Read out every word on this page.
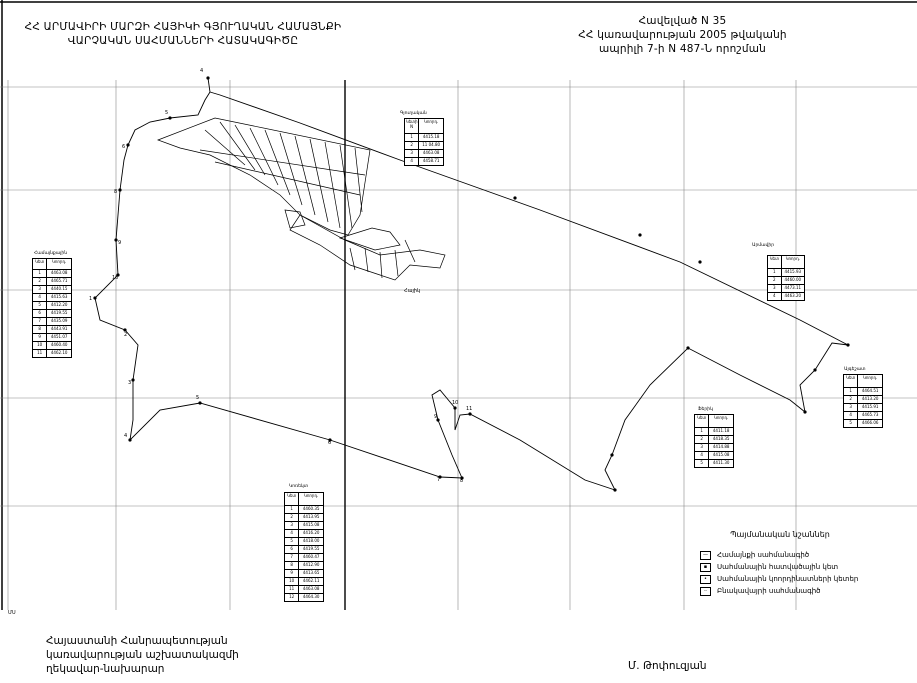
4
5
6
8
9
10
1
2
3
4
5
6
7	8
9
10
11
ՀՀ ԱՐՄԱՎԻՐԻ ՄԱՐԶԻ ՀԱՅԻԿԻ ԳՅՈՒՂԱԿԱՆ ՀԱՄԱՅՆՔԻ
ՎԱՐՉԱԿԱՆ ՍԱՀՄԱՆՆԵՐԻ ՀԱՏԱԿԱԳԻԾԸ
Հավելված N 35
ՀՀ կառավարության 2005 թվականի
ապրիլի 7-ի N 487-Ն որոշման
Գյուղական
Կետի N
Կոորդ.
1	4415.18
2	11 04.80
3	4463.08
4	4458.71
Համայնքային
Կետ	Կոորդ.
1	4463.08
2	4465.71
3	4440.15
4	4415.63
5	4412.20
6	4419.55
7	4435.09
8	4443.91
9	4451.07
10	4460.40
11	4462.10
Արմավիր
Կետ	Կոորդ.
1	4415.93
2	4460.00
3	4473.11
4	4463.20
Այգեշատ
Կետ	Կոորդ.
1	4464.51
2	4413.20
3	4415.91
4	4465.73
5	4466.06
Ֆերիկ
Կետ	Կոորդ.
1	4411.18
2	4418.35
3	4414.88
4	4415.08
5	4411.30
Կոռեկտ
Կետ	Կոորդ.
1	4460.35
2	4413.95
3	4415.08
4	4416.20
5	4418.00
6	4419.55
7	4460.47
8	4412.90
9	4413.65
10	4462.11
11	4463.08
12	4464.30
Հայիկ
ՄՍ
Պայմանական նշաններ
—	Համայնքի սահմանագիծ
▪	Սահմանային հատվածային կետ
•	Սահմանային կոորդինատների կետեր
┄	Բնակավայրի սահմանագիծ
Հայաստանի Հանրապետության
կառավարության աշխատակազմի
ղեկավար-նախարար	Մ. Թոփուզյան
